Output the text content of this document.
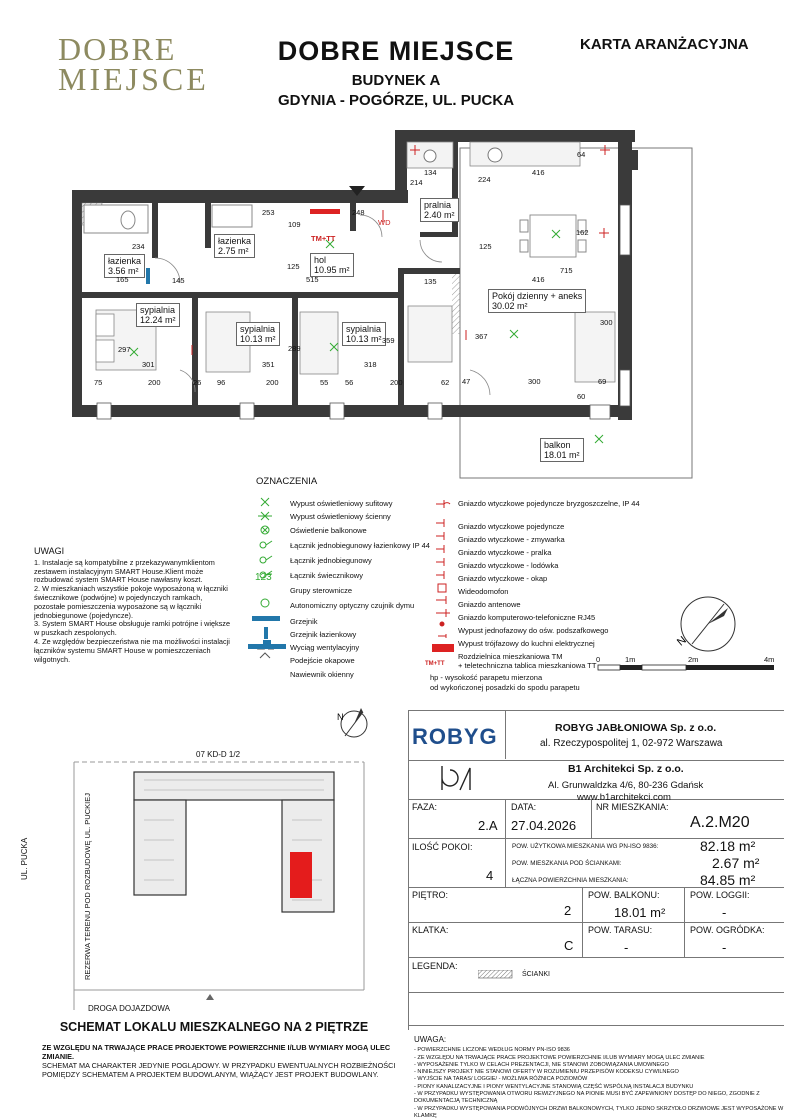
DOBRE
MIEJSCE
DOBRE MIEJSCE
BUDYNEK A
GDYNIA - POGÓRZE, UL. PUCKA
KARTA ARANŻACYJNA
łazienka
3.56 m²
łazienka
2.75 m²
hol
10.95 m²
pralnia
2.40 m²
Pokój dzienny + aneks
30.02 m²
sypialnia
12.24 m²
sypialnia
10.13 m²
sypialnia
10.13 m²
balkon
18.01 m²
TM+TT
WD
253
109
248
134
224
416
64
214
234
165	145
125
125
515	135	416
162
715
297
301	351
289
359
318
367
300
200
75	26 96	200	55 56	200	62 47	300
60
69
OZNACZENIA
123
Wypust oświetleniowy sufitowy
Wypust oświetleniowy ścienny
Oświetlenie balkonowe
Łącznik jednobiegunowy łazienkowy IP 44
Łącznik jednobiegunowy
Łącznik świecznikowy
Grupy sterownicze
Autonomiczny optyczny czujnik dymu
Grzejnik
Grzejnik łazienkowy
Wyciąg wentylacyjny
Podejście okapowe
Nawiewnik okienny
Gniazdo wtyczkowe pojedyncze bryzgoszczelne, IP 44
Gniazdo wtyczkowe pojedyncze
Gniazdo wtyczkowe - zmywarka
Gniazdo wtyczkowe - pralka
Gniazdo wtyczkowe - lodówka
Gniazdo wtyczkowe - okap
Wideodomofon
Gniazdo antenowe
Gniazdo komputerowo-telefoniczne RJ45
Wypust jednofazowy do ośw. podszafkowego
Wypust trójfazowy do kuchni elektrycznej
Rozdzielnica mieszkaniowa TM
+ teletechniczna tablica mieszkaniowa TT
TM+TT
hp - wysokość parapetu mierzona
od wykończonej posadzki do spodu parapetu
N
0	1m	2m	4m
UWAGI
1. Instalacje są kompatybilne z przekazywanymklientom zestawem instalacyjnym SMART House.Klient może rozbudować system SMART House nawłasny koszt.
2. W mieszkaniach wszystkie pokoje wyposażoną w łączniki świecznikowe (podwójne) w pojedynczych ramkach, pozostałe pomieszczenia wyposażone są w łączniki jednobiegunowe (pojedyncze).
3. System SMART House obsługuje ramki potrójne i większe w puszkach zespolonych.
4. Ze względów bezpieczeństwa nie ma możliwości instalacji łączników systemu SMART House w pomieszczeniach wilgotnych.
N
07 KD-D 1/2
UL. PUCKA	REZERWA TERENU POD ROZBUDOWĘ UL. PUCKIEJ
DROGA DOJAZDOWA
ROBYG	ROBYG JABŁONIOWA Sp. z o.o.
al. Rzeczypospolitej 1, 02-972 Warszawa
B1 Architekci Sp. z o.o.
Al. Grunwaldzka 4/6, 80-236 Gdańsk
www.b1architekci.com
FAZA:
2.A
DATA:
27.04.2026
NR MIESZKANIA:
A.2.M20
ILOŚĆ POKOI:
4
POW. UŻYTKOWA MIESZKANIA WG PN-ISO 9836:	82.18 m²
POW. MIESZKANIA POD ŚCIANKAMI:	2.67 m²
ŁĄCZNA POWIERZCHNIA MIESZKANIA:	84.85 m²
PIĘTRO:
2
POW. BALKONU:
18.01 m²
POW. LOGGII:
-
KLATKA:
C
POW. TARASU:
-
POW. OGRÓDKA:
-
LEGENDA:
ŚCIANKI
UWAGA:
- POWIERZCHNIE LICZONE WEDŁUG NORMY PN-ISO 9836
- ZE WZGLĘDU NA TRWAJĄCE PRACE PROJEKTOWE POWIERZCHNIE I/LUB WYMIARY MOGĄ ULEC ZMIANIE
- WYPOSAŻENIE TYLKO W CELACH PREZENTACJI, NIE STANOWI ZOBOWIĄZANIA UMOWNEGO
- NINIEJSZY PROJEKT NIE STANOWI OFERTY W ROZUMIENIU PRZEPISÓW KODEKSU CYWILNEGO
- WYJŚCIE NA TARAS/ LOGGIE/ - MOŻLIWA RÓŻNICA POZIOMÓW
- PIONY KANALIZACYJNE I PIONY WENTYLACYJNE STANOWIĄ CZĘŚĆ WSPÓLNĄ INSTALACJI BUDYNKU
- W PRZYPADKU WYSTĘPOWANIA OTWORU REWIZYJNEGO NA PIONIE MUSI BYĆ ZAPEWNIONY DOSTĘP DO NIEGO, ZGODNIE Z DOKUMENTACJĄ TECHNICZNĄ
- W PRZYPADKU WYSTĘPOWANIA PODWÓJNYCH DRZWI BALKONOWYCH, TYLKO JEDNO SKRZYDŁO DRZWIOWE JEST WYPOSAŻONE W KLAMKĘ
SCHEMAT LOKALU MIESZKALNEGO NA 2 PIĘTRZE
ZE WZGLĘDU NA TRWAJĄCE PRACE PROJEKTOWE POWIERZCHNIE I/LUB WYMIARY MOGĄ ULEC ZMIANIE.
SCHEMAT MA CHARAKTER JEDYNIE POGLĄDOWY. W PRZYPADKU EWENTUALNYCH ROZBIEŻNOŚCI POMIĘDZY SCHEMATEM A PROJEKTEM BUDOWLANYM, WIĄŻĄCY JEST PROJEKT BUDOWLANY.
